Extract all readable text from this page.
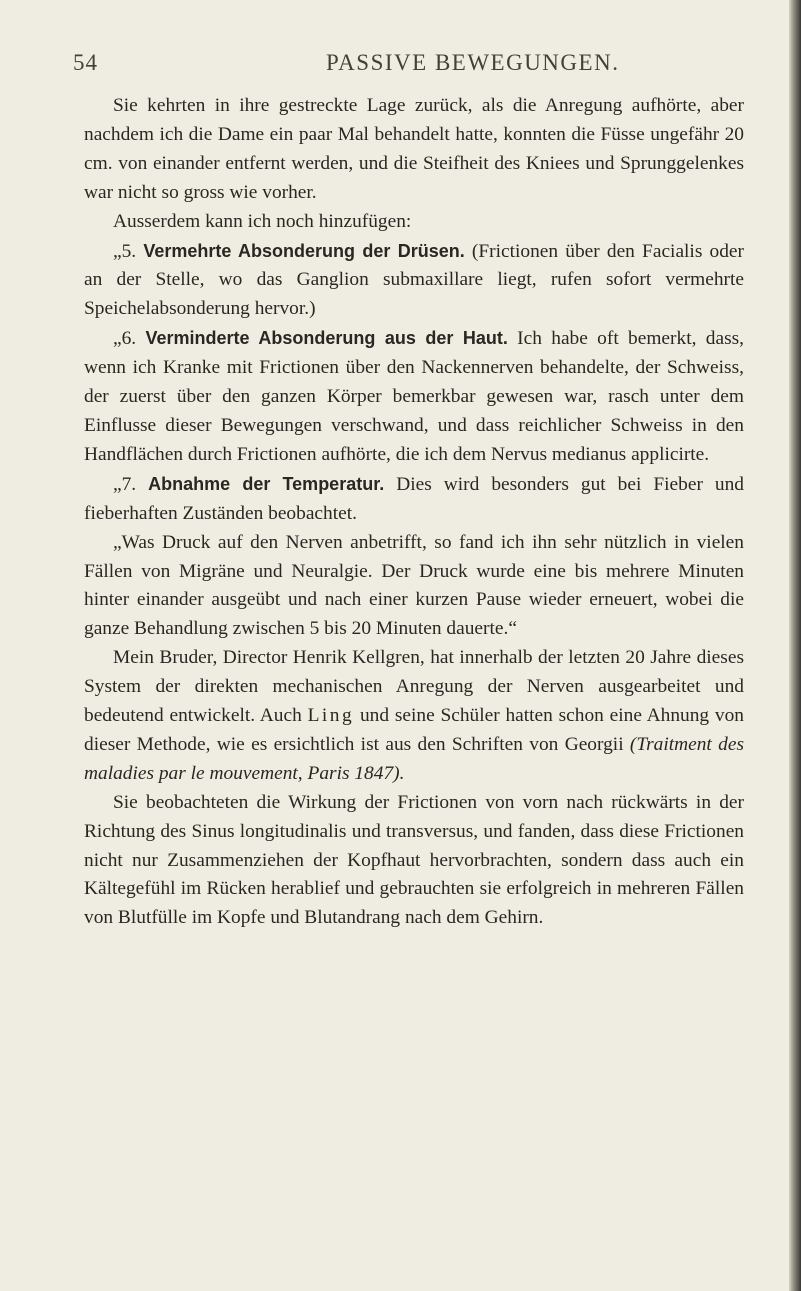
54	PASSIVE BEWEGUNGEN.

Sie kehrten in ihre gestreckte Lage zurück, als die Anregung aufhörte, aber nachdem ich die Dame ein paar Mal behandelt hatte, konnten die Füsse ungefähr 20 cm. von einander entfernt werden, und die Steifheit des Kniees und Sprunggelenkes war nicht so gross wie vorher.

Ausserdem kann ich noch hinzufügen:

„5. Vermehrte Absonderung der Drüsen. (Frictionen über den Facialis oder an der Stelle, wo das Ganglion submaxillare liegt, rufen sofort vermehrte Speichelabsonderung hervor.)

„6. Verminderte Absonderung aus der Haut. Ich habe oft bemerkt, dass, wenn ich Kranke mit Frictionen über den Nackennerven behandelte, der Schweiss, der zuerst über den ganzen Körper bemerkbar gewesen war, rasch unter dem Einflusse dieser Bewegungen verschwand, und dass reichlicher Schweiss in den Handflächen durch Frictionen aufhörte, die ich dem Nervus medianus applicirte.

„7. Abnahme der Temperatur. Dies wird besonders gut bei Fieber und fieberhaften Zuständen beobachtet.

„Was Druck auf den Nerven anbetrifft, so fand ich ihn sehr nützlich in vielen Fällen von Migräne und Neuralgie. Der Druck wurde eine bis mehrere Minuten hinter einander ausgeübt und nach einer kurzen Pause wieder erneuert, wobei die ganze Behandlung zwischen 5 bis 20 Minuten dauerte.“

Mein Bruder, Director Henrik Kellgren, hat innerhalb der letzten 20 Jahre dieses System der direkten mechanischen Anregung der Nerven ausgearbeitet und bedeutend entwickelt. Auch Ling und seine Schüler hatten schon eine Ahnung von dieser Methode, wie es ersichtlich ist aus den Schriften von Georgii (Traitment des maladies par le mouvement, Paris 1847).

Sie beobachteten die Wirkung der Frictionen von vorn nach rückwärts in der Richtung des Sinus longitudinalis und transversus, und fanden, dass diese Frictionen nicht nur Zusammenziehen der Kopfhaut hervorbrachten, sondern dass auch ein Kältegefühl im Rücken herablief und gebrauchten sie erfolgreich in mehreren Fällen von Blutfülle im Kopfe und Blutandrang nach dem Gehirn.
